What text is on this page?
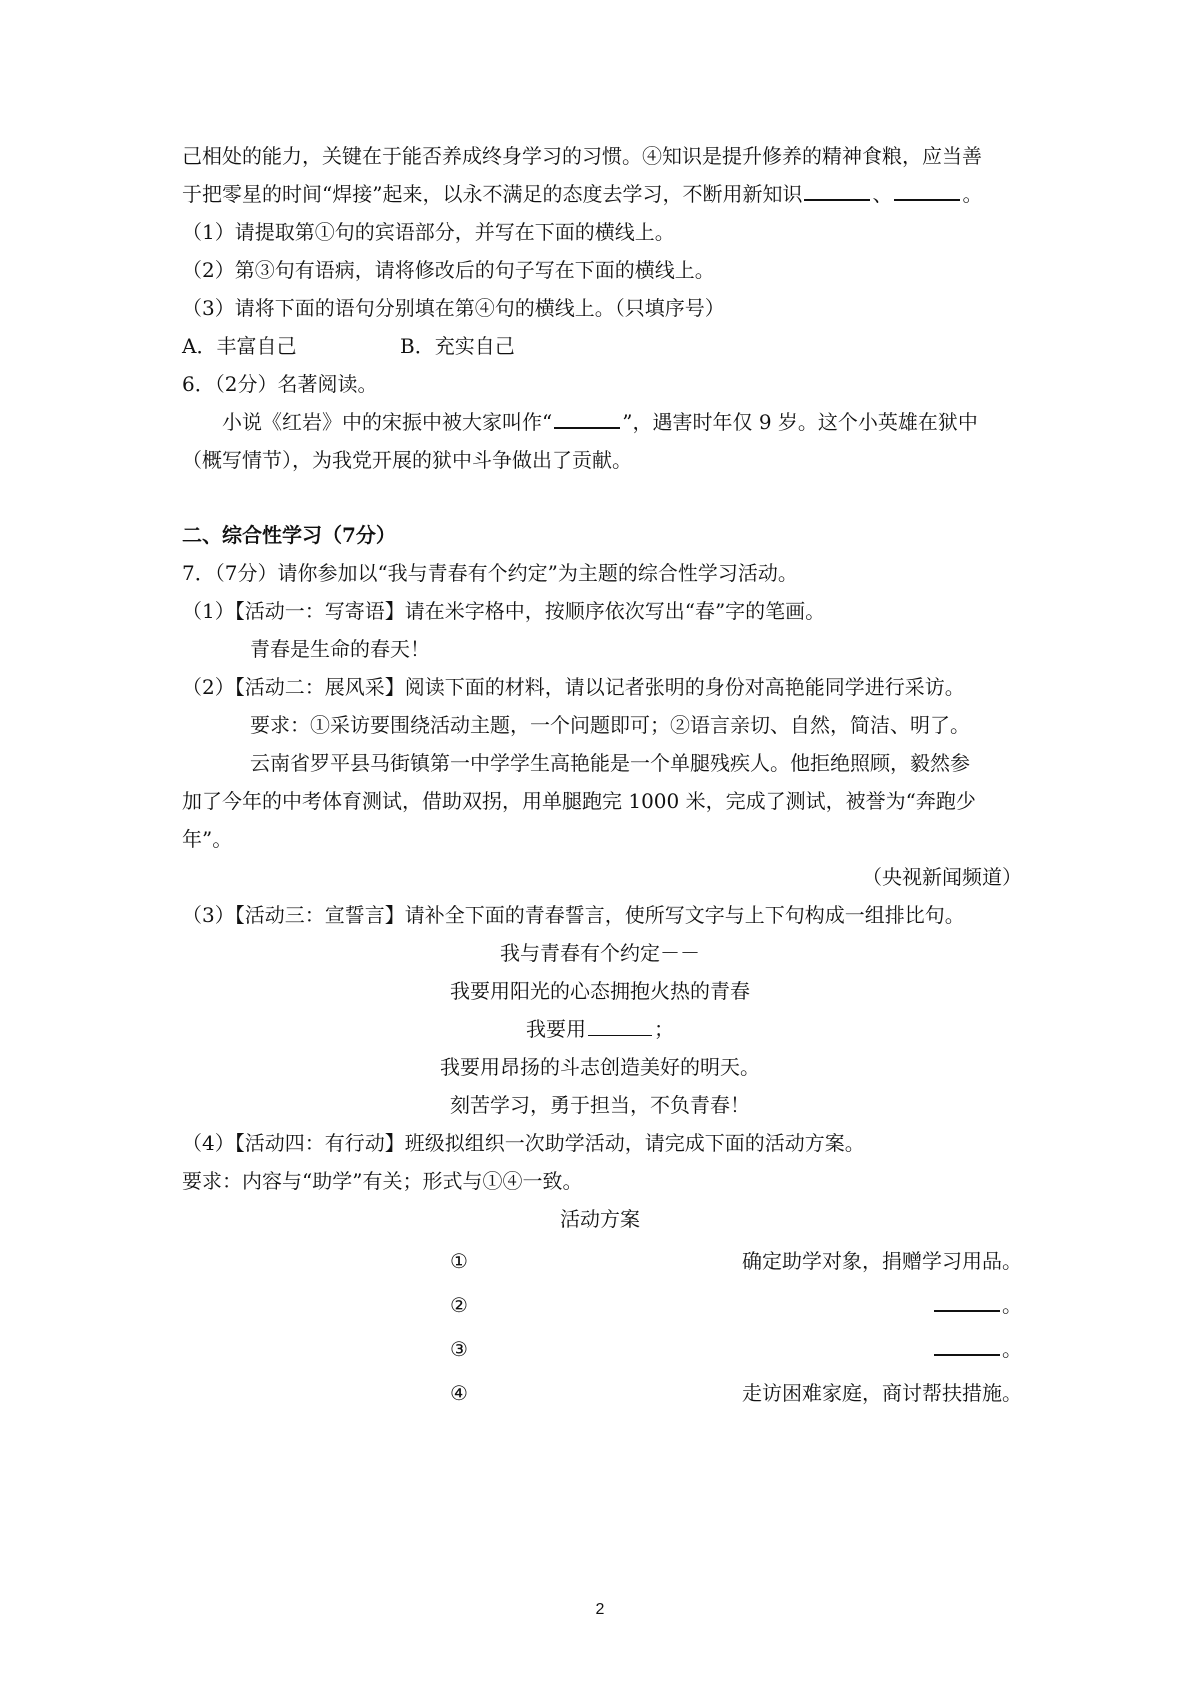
己相处的能力，关键在于能否养成终身学习的习惯。④知识是提升修养的精神食粮，应当善
于把零星的时间“焊接”起来，以永不满足的态度去学习，不断用新知识	、	。
（1）请提取第①句的宾语部分，并写在下面的横线上。
（2）第③句有语病，请将修改后的句子写在下面的横线上。
（3）请将下面的语句分别填在第④句的横线上。（只填序号）
A．丰富自己	B．充实自己
6．（2分）名著阅读。
小说《红岩》中的宋振中被大家叫作“	”，遇害时年仅 9 岁。这个小英雄在狱中
（概写情节），为我党开展的狱中斗争做出了贡献。
二、综合性学习（7分）
7．（7分）请你参加以“我与青春有个约定”为主题的综合性学习活动。
（1）【活动一：写寄语】请在米字格中，按顺序依次写出“春”字的笔画。
青春是生命的春天！
（2）【活动二：展风采】阅读下面的材料，请以记者张明的身份对高艳能同学进行采访。
要求：①采访要围绕活动主题，一个问题即可；②语言亲切、自然，简洁、明了。
云南省罗平县马街镇第一中学学生高艳能是一个单腿残疾人。他拒绝照顾，毅然参
加了今年的中考体育测试，借助双拐，用单腿跑完 1000 米，完成了测试，被誉为“奔跑少
年”。
（央视新闻频道）
（3）【活动三：宣誓言】请补全下面的青春誓言，使所写文字与上下句构成一组排比句。
我与青春有个约定－－
我要用阳光的心态拥抱火热的青春
我要用	；
我要用昂扬的斗志创造美好的明天。
刻苦学习，勇于担当，不负青春！
（4）【活动四：有行动】班级拟组织一次助学活动，请完成下面的活动方案。
要求：内容与“助学”有关；形式与①④一致。
活动方案
①	确定助学对象，捐赠学习用品。
②	。
③	。
④	走访困难家庭，商讨帮扶措施。
2
